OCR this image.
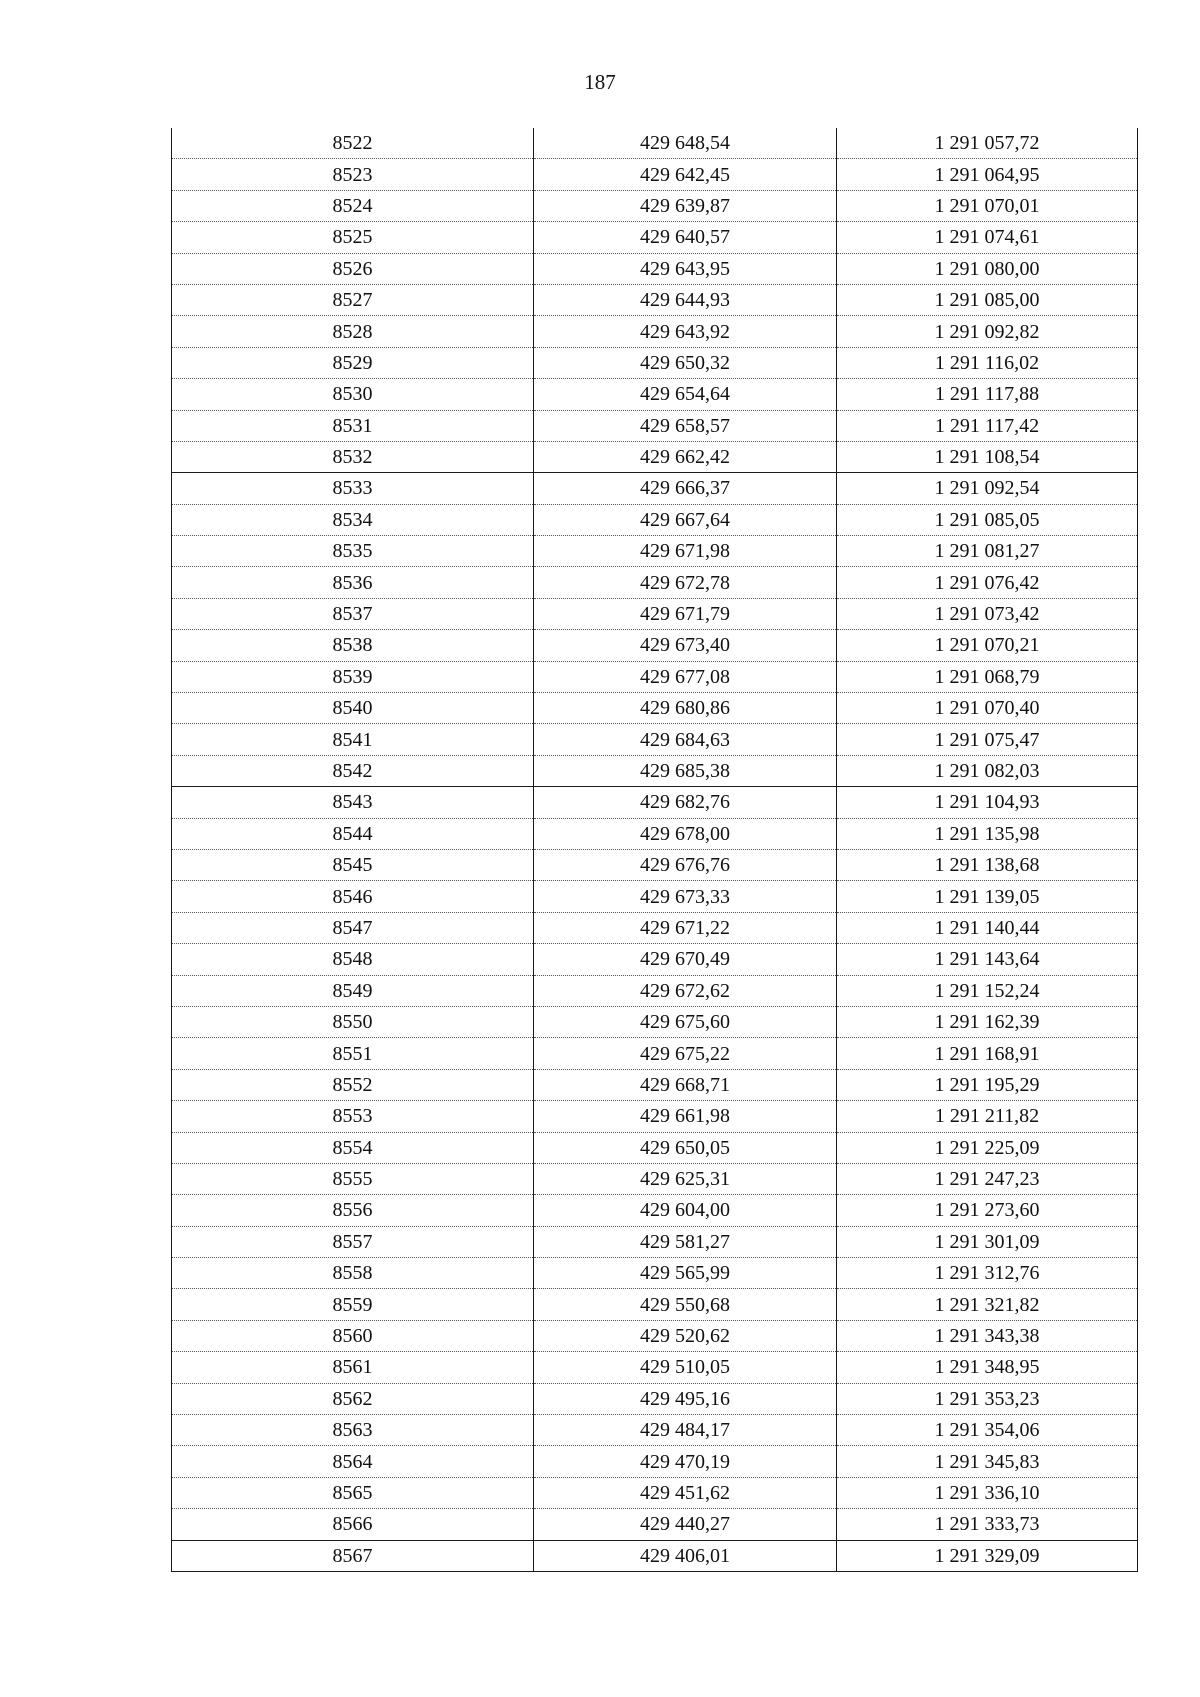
187
8522	429 648,54	1 291 057,72
8523	429 642,45	1 291 064,95
8524	429 639,87	1 291 070,01
8525	429 640,57	1 291 074,61
8526	429 643,95	1 291 080,00
8527	429 644,93	1 291 085,00
8528	429 643,92	1 291 092,82
8529	429 650,32	1 291 116,02
8530	429 654,64	1 291 117,88
8531	429 658,57	1 291 117,42
8532	429 662,42	1 291 108,54
8533	429 666,37	1 291 092,54
8534	429 667,64	1 291 085,05
8535	429 671,98	1 291 081,27
8536	429 672,78	1 291 076,42
8537	429 671,79	1 291 073,42
8538	429 673,40	1 291 070,21
8539	429 677,08	1 291 068,79
8540	429 680,86	1 291 070,40
8541	429 684,63	1 291 075,47
8542	429 685,38	1 291 082,03
8543	429 682,76	1 291 104,93
8544	429 678,00	1 291 135,98
8545	429 676,76	1 291 138,68
8546	429 673,33	1 291 139,05
8547	429 671,22	1 291 140,44
8548	429 670,49	1 291 143,64
8549	429 672,62	1 291 152,24
8550	429 675,60	1 291 162,39
8551	429 675,22	1 291 168,91
8552	429 668,71	1 291 195,29
8553	429 661,98	1 291 211,82
8554	429 650,05	1 291 225,09
8555	429 625,31	1 291 247,23
8556	429 604,00	1 291 273,60
8557	429 581,27	1 291 301,09
8558	429 565,99	1 291 312,76
8559	429 550,68	1 291 321,82
8560	429 520,62	1 291 343,38
8561	429 510,05	1 291 348,95
8562	429 495,16	1 291 353,23
8563	429 484,17	1 291 354,06
8564	429 470,19	1 291 345,83
8565	429 451,62	1 291 336,10
8566	429 440,27	1 291 333,73
8567	429 406,01	1 291 329,09
